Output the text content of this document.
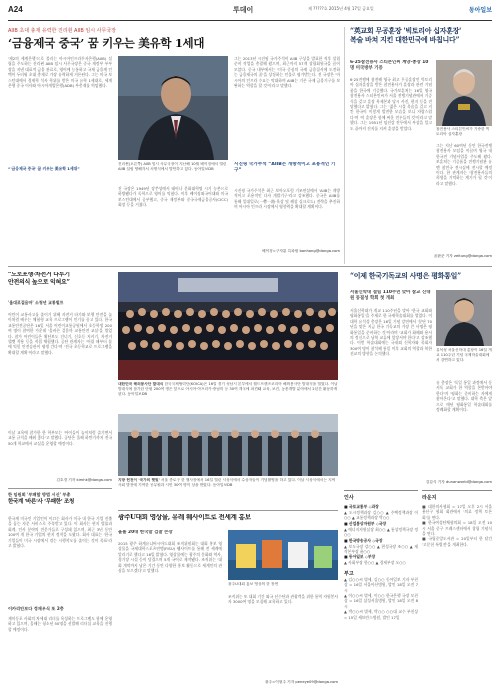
A24	투데이	제 ?????호 2015년 4월 17일 금요일	동아일보
AIIB 초대 총재 유력한 진리췬 AIIB 임시 사무국장
‘금융제국 중국’ 꿈 키우는 美유학 1세대
'제2의 세계은행'으로 불리는 아시아인프라투자은행(AIIB) 설립을 주도하는 진리췬 AIIB 임시 사무국장은 중국 재정부 부부장을 지낸 대표적 금융 관료로, 영어에 능통하고 국제 금융계 인맥이 두터워 초대 총재로 가장 유력하게 거론된다. 그는 미국 보스턴대에서 경제학 석사 학위를 받은 미국 유학 1세대로, 세계은행 중국 이사와 아시아개발은행(ADB) 부총재를 역임했다.
진리췬(오른쪽) AIIB 임시 사무국장이 지난해 10월 베이징에서 열린 AIIB 설립 양해각서 서명식에서 발언하고 있다. 동아일보DB
진 국장은 1949년 장쑤성에서 태어나 문화대혁명 시기 농촌으로 하방됐다가 독학으로 영어를 익혔다. 이후 베이징외국어대와 미국 보스턴대에서 공부했고, 중국 재정부와 중국국제금융공사(CICC) 회장 등을 거쳤다.
그는 2013년 시진핑 국가주석이 AIIB 구상을 발표한 직후 설립 준비 작업을 총괄해 왔으며, 최근까지 57개 창립회원국을 끌어모았다. 중국 내부에서는 '미국 중심의 국제 금융질서에 도전하는 금융제국의 꿈'을 상징하는 인물로 평가받는다. 진 국장은 '아시아의 인프라 수요는 막대하며 AIIB는 기존 국제 금융기구를 보완하는 역할을 할 것'이라고 말했다.
시진핑 국가주석 “AIIB는 개방적이고 포용적인 기구”
시진핑 국가주석은 최근 보아오포럼 기조연설에서 'AIIB는 개방적이고 포용적인 다자 개발기구'라고 강조했다. 중국은 AIIB를 통해 일대일로(一帶一路·육상 및 해상 실크로드) 전략을 추진하며 아시아 인프라 시장에서 영향력을 확대할 계획이다.
베이징=구자룡 특파원 bonhong@donga.com
“'금융제국 중국' 꿈 키우는 美유학 1세대”
“英교회 무공훈장 '빅토리아 십자훈장'
복술 바쳐 지킨 대한민국에 바칩니다”
6·25참전용사 스티븐인씨 계양·총장 10명 미국방부 기증
6·25전쟁에 참전해 영국 최고 무공훈장인 빅토리아 십자훈장을 받은 참전용사가 훈장과 관련 기념품을 한국에 기증했다. 국가보훈처는 16일 영국 참전용사 스티븐인씨가 서울 전쟁기념관에서 기증식을 갖고 훈장 복제본과 당시 사진, 편지 등을 전달했다고 밝혔다. 그는 '젊은 시절 목숨을 걸고 지킨 한국이 이렇게 발전한 모습을 보니 자랑스럽다'며 '이 훈장은 함께 싸운 전우들의 것'이라고 말했다. 그는 1951년 임진강 전투에서 부상을 입고도 끝까지 진지를 지켜 훈장을 받았다.	참전용사 스티븐인씨가 기증한 빅토리아 십자훈장
그는 지난 60여년 동안 한국전쟁 참전용사 모임을 이끌며 영국 내 한국전 기념사업을 주도해 왔다. 보훈처는 기증품을 전쟁기념관 유엔 참전국 전시실에 전시할 예정이다. 한 관계자는 '참전용사들의 희생을 기억하는 계기가 될 것'이라고 말했다.
윤완준 기자 zeitung@donga.com
“도로포행·차전거 다루기
안전의식 높으로 익혀요”
'올대로걸음마' 소청년 교통벌프
어린이 교통사고를 줄이기 위해 자전거 타기와 보행 안전을 놀이처럼 배우는 체험형 교육 프로그램이 인기를 끌고 있다. 한국교통안전공단은 16일 서울 어린이교통공원에서 초등학생 200여 명이 참여한 가운데 '올바른 걸음마 교통안전 교실'을 열었다. 참가 어린이들은 횡단보도 건너기, 신호등 지키기, 자전거 헬멧 착용 등을 직접 체험했다. 공단 관계자는 '어릴 때부터 몸에 익힌 안전습관이 평생 간다'며 '전국 초등학교로 프로그램을 확대할 계획'이라고 말했다.
이날 교육에 참가한 한 학부모는 '아이들이 놀이처럼 즐기면서 교통 규칙을 배워 좋다'고 말했다. 공단은 올해 하반기까지 전국 50개 학교에서 교실을 운영할 예정이다.
김호경 기자 kimhk@donga.com
대한민국 해외봉사단 발대식 한국국제협력단(KOICA)은 16일 경기 성남시 본부에서 월드프렌즈코리아 해외봉사단 발대식을 열었다. 이날 발대식에 참가한 단원 200여 명은 앞으로 아시아·아프리카·중남미 등 30여 개국에 파견돼 교육, 보건, 농촌개발 분야에서 2년간 활동하게 된다. 동아일보DB
지방 헌천이 '국가의 햇빛' 서울 종로구 한 행사장에서 16일 열린 시상식에서 수상자들이 기념촬영을 하고 있다. 이날 시상식에서는 지역 사회 발전에 기여한 공무원과 시민 30여 명이 상을 받았다. 동아일보DB
“이제 한국기독교의 사명은 평화통일”
서울신학대 설립 110주년 맞아 참교 신대원 동질성 학회 첫 개최
서울신학대가 개교 110주년을 맞아 '한국 교회와 평화통일'을 주제로 한 국제학술대회를 열었다. 이 대학 유석성 총장은 16일 기념 강연에서 '분단 70년을 맞은 지금 한국 기독교의 가장 큰 사명은 평화통일을 준비하는 것'이라며 '교회가 화해와 용서의 정신으로 남북 교류에 앞장서야 한다'고 강조했다. 이번 학술대회에는 국내외 신학자와 목회자 300여 명이 참석해 통일 이후 교회의 역할과 북한 선교의 방향을 논의했다.
유석성 서울신학대 총장이 16일 개교 110주년 기념 국제학술대회에서 강연하고 있다.
유 총장은 '독일 통일 과정에서 동서독 교회가 한 역할을 본받아야 한다'며 '평화는 준비하는 자에게 찾아온다'고 말했다. 대학 측은 앞으로 매년 평화통일 학술대회를 정례화할 계획이다.
김갑식 기자 dunanworld@donga.com
한 임원회 '부패할 방법 시신' 부총
한국계 '바른'사 ‘무패한’ 조청
한국계 미국인 기업인이 이끄는 회사가 미국 내 한국 기업 진출을 돕는 자문 서비스로 주목받고 있다. 이 회사는 현지 법률과 회계, 인사 분야의 전문가들로 구성돼 있으며, 최근 3년 동안 100여 개 한국 기업의 현지 정착을 도왔다. 회사 대표는 '한국 기업들이 미국 시장에서 겪는 시행착오를 줄이는 것이 목표'라고 밝혔다.
이카리안보다 정재우식 또 2층
재미동포 사회의 차세대 리더를 육성하는 프로그램도 함께 운영하고 있으며, 올해는 청소년 50명을 선발해 리더십 교육을 진행할 예정이다.
광주U대회 영상물, 유레 웨사이트로 전세계 홍보
올볼 20대 한국말 검찰 손장
2015 광주 하계유니버시아드대회 조직위원회는 대회 홍보 영상물을 국제대학스포츠연맹(FISU) 웹사이트를 통해 전 세계에 알리기로 했다고 16일 밝혔다. 영상물에는 광주의 문화와 역사, 경기장 시설 등이 담겼으며 5개 국어로 제작됐다. 조직위는 '대회 개막까지 남은 기간 동안 다양한 홍보 활동으로 세계인의 관심을 모으겠다'고 말했다.
광주U대회 홍보 영상의 한 장면
조직위는 또 대회 기간 외국 선수단과 관광객을 위한 통역 자원봉사자 3000여 명을 모집해 교육하고 있다.
광주=이형주 기자 peneye09@donga.com
인사
■ 국토교통부 ◇과장
▲ 도시정책과장 김○○ ▲ 주택정책과장 이○○ ▲ 교통정책과장 박○○
■ 산업통상자원부 ◇국장
▲ 에너지자원실장 최○○ ▲ 통상정책국장 정○○
■ 한국방송공사 ◇국장
▲ 보도국장 강○○ ▲ 편성국장 조○○ ▲ 제작본부장 윤○○
■ 동아일보 ◇부장
▲ 사회부장 한○○ ▲ 경제부장 오○○
부고
▲ 김○○씨 별세, 김○○ 동아일보 기자 부친상 = 16일 서울아산병원, 발인 18일 오전 7시
▲ 이○○씨 별세, 이○○ 한국은행 국장 모친상 = 16일 삼성서울병원, 발인 18일 오전 8시
▲ 박○○씨 별세, 박○○ ○○대 교수 부친상 = 15일 세브란스병원, 발인 17일
라운지
■ 대한의사협회 = 17일 오후 2시 서울 용산구 협회 회관에서 '의료 정책 토론회'를 연다.
■ 한국여성단체협의회 = 18일 오전 10시 서울 중구 프레스센터에서 창립 기념식을 연다.
■ 국립중앙도서관 = 20일부터 한 달간 '고문헌 특별전'을 개최한다.
